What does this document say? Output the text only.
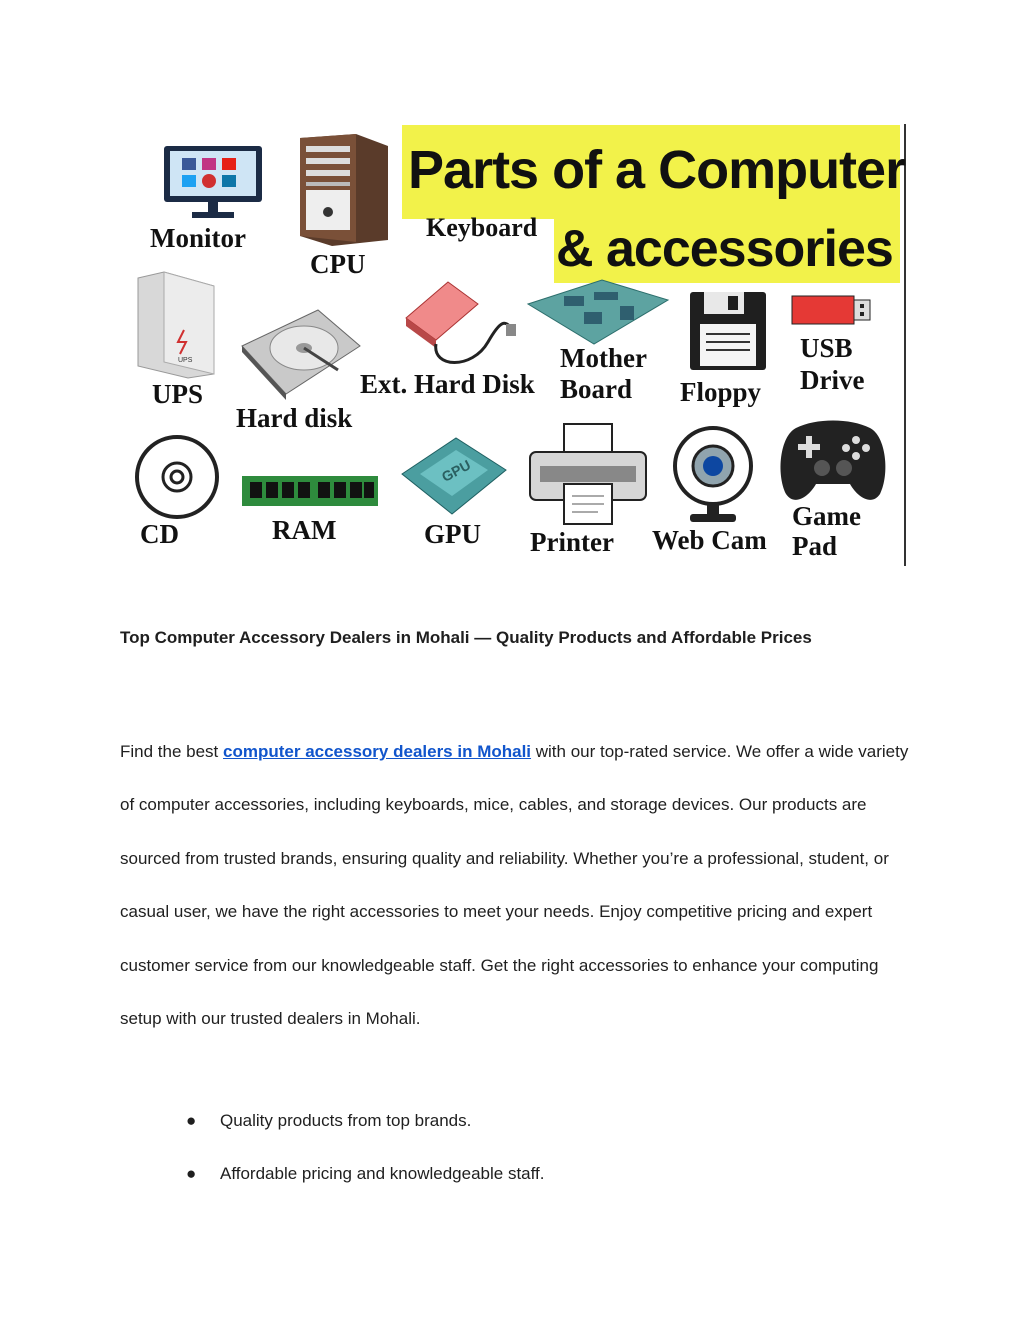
Parts of a Computer
& accessories
Monitor
CPU
Keyboard
UPS
UPS
Hard disk
Ext. Hard Disk
Mother
Board Floppy
USB
Drive
CD	RAM
GPU
GPU Printer Web Cam
Game
Pad
Top Computer Accessory Dealers in Mohali — Quality Products and Affordable Prices
Find the best computer accessory dealers in Mohali with our top-rated service. We offer a wide variety of computer accessories, including keyboards, mice, cables, and storage devices. Our products are sourced from trusted brands, ensuring quality and reliability. Whether you’re a professional, student, or casual user, we have the right accessories to meet your needs. Enjoy competitive pricing and expert customer service from our knowledgeable staff. Get the right accessories to enhance your computing setup with our trusted dealers in Mohali.
● Quality products from top brands.
● Affordable pricing and knowledgeable staff.
